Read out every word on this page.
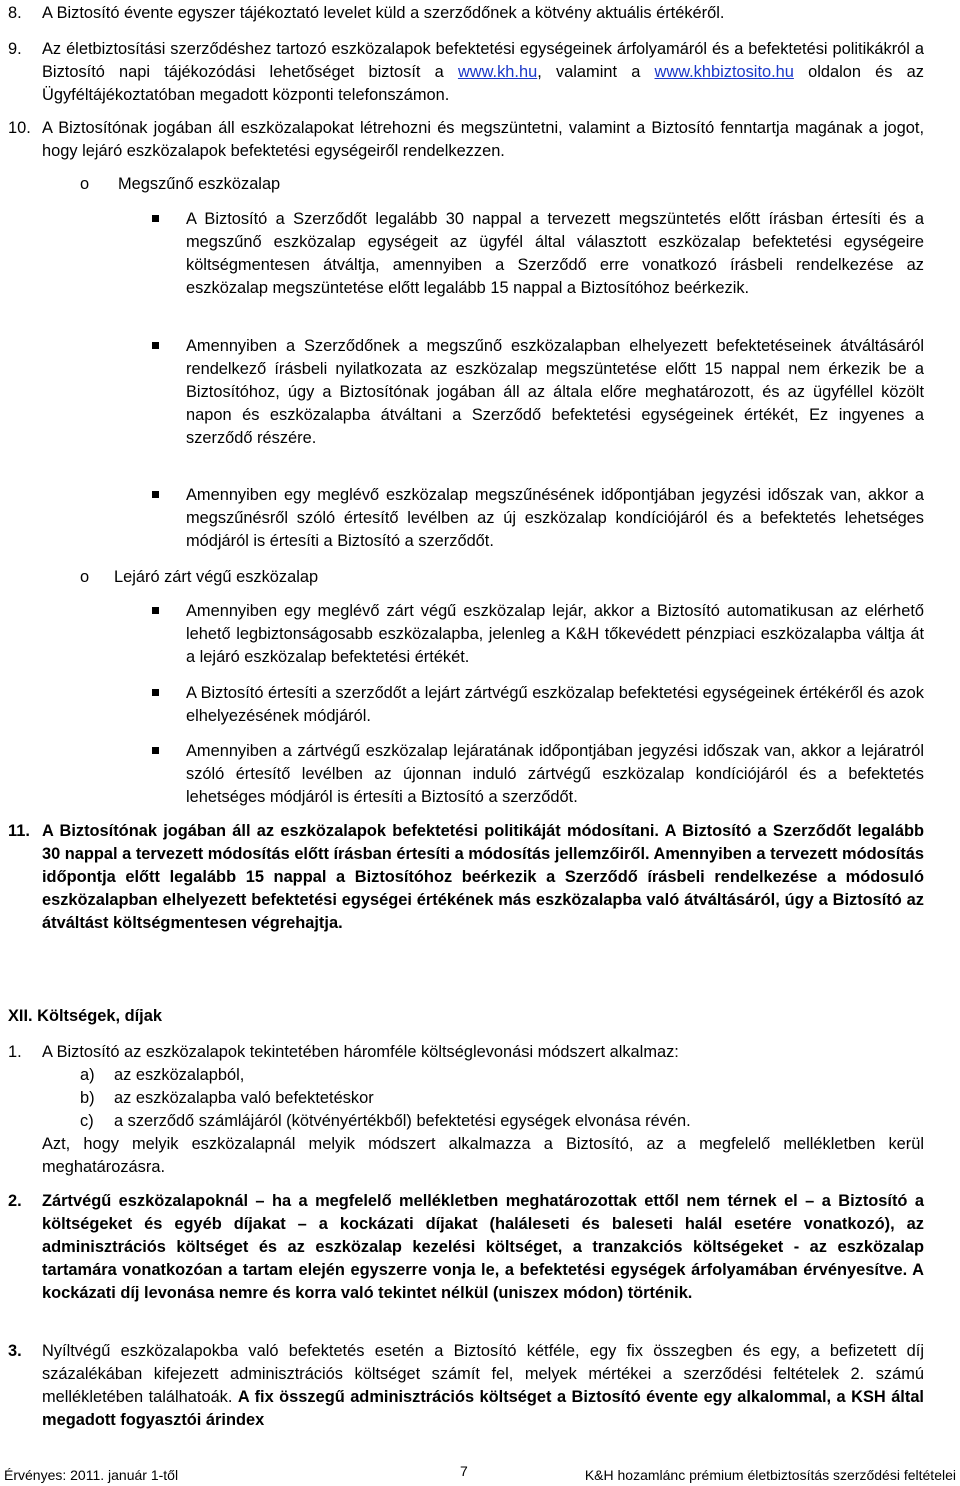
8. A Biztosító évente egyszer tájékoztató levelet küld a szerződőnek a kötvény aktuális értékéről.
9. Az életbiztosítási szerződéshez tartozó eszközalapok befektetési egységeinek árfolyamáról és a befektetési politikákról a Biztosító napi tájékozódási lehetőséget biztosít a www.kh.hu, valamint a www.khbiztosito.hu oldalon és az Ügyféltájékoztatóban megadott központi telefonszámon.
10. A Biztosítónak jogában áll eszközalapokat létrehozni és megszüntetni, valamint a Biztosító fenntartja magának a jogot, hogy lejáró eszközalapok befektetési egységeiről rendelkezzen.
o Megszűnő eszközalap
A Biztosító a Szerződőt legalább 30 nappal a tervezett megszüntetés előtt írásban értesíti és a megszűnő eszközalap egységeit az ügyfél által választott eszközalap befektetési egységeire költségmentesen átváltja, amennyiben a Szerződő erre vonatkozó írásbeli rendelkezése az eszközalap megszüntetése előtt legalább 15 nappal a Biztosítóhoz beérkezik.
Amennyiben a Szerződőnek a megszűnő eszközalapban elhelyezett befektetéseinek átváltásáról rendelkező írásbeli nyilatkozata az eszközalap megszüntetése előtt 15 nappal nem érkezik be a Biztosítóhoz, úgy a Biztosítónak jogában áll az általa előre meghatározott, és az ügyféllel közölt napon és eszközalapba átváltani a Szerződő befektetési egységeinek értékét, Ez ingyenes a szerződő részére.
Amennyiben egy meglévő eszközalap megszűnésének időpontjában jegyzési időszak van, akkor a megszűnésről szóló értesítő levélben az új eszközalap kondíciójáról és a befektetés lehetséges módjáról is értesíti a Biztosító a szerződőt.
o Lejáró zárt végű eszközalap
Amennyiben egy meglévő zárt végű eszközalap lejár, akkor a Biztosító automatikusan az elérhető lehető legbiztonságosabb eszközalapba, jelenleg a K&H tőkevédett pénzpiaci eszközalapba váltja át a lejáró eszközalap befektetési értékét.
A Biztosító értesíti a szerződőt a lejárt zártvégű eszközalap befektetési egységeinek értékéről és azok elhelyezésének módjáról.
Amennyiben a zártvégű eszközalap lejáratának időpontjában jegyzési időszak van, akkor a lejáratról szóló értesítő levélben az újonnan induló zártvégű eszközalap kondíciójáról és a befektetés lehetséges módjáról is értesíti a Biztosító a szerződőt.
11. A Biztosítónak jogában áll az eszközalapok befektetési politikáját módosítani. A Biztosító a Szerződőt legalább 30 nappal a tervezett módosítás előtt írásban értesíti a módosítás jellemzőiről. Amennyiben a tervezett módosítás időpontja előtt legalább 15 nappal a Biztosítóhoz beérkezik a Szerződő írásbeli rendelkezése a módosuló eszközalapban elhelyezett befektetési egységei értékének más eszközalapba való átváltásáról, úgy a Biztosító az átváltást költségmentesen végrehajtja.
XII. Költségek, díjak
1. A Biztosító az eszközalapok tekintetében háromféle költséglevonási módszert alkalmaz:
a) az eszközalapból,
b) az eszközalapba való befektetéskor
c) a szerződő számlájáról (kötvényértékből) befektetési egységek elvonása révén.
Azt, hogy melyik eszközalapnál melyik módszert alkalmazza a Biztosító, az a megfelelő mellékletben kerül meghatározásra.
2. Zártvégű eszközalapoknál – ha a megfelelő mellékletben meghatározottak ettől nem térnek el – a Biztosító a költségeket és egyéb díjakat – a kockázati díjakat (haláleseti és baleseti halál esetére vonatkozó), az adminisztrációs költséget és az eszközalap kezelési költséget, a tranzakciós költségeket - az eszközalap tartamára vonatkozóan a tartam elején egyszerre vonja le, a befektetési egységek árfolyamában érvényesítve. A kockázati díj levonása nemre és korra való tekintet nélkül (uniszex módon) történik.
3. Nyíltvégű eszközalapokba való befektetés esetén a Biztosító kétféle, egy fix összegben és egy, a befizetett díj százalékában kifejezett adminisztrációs költséget számít fel, melyek mértékei a szerződési feltételek 2. számú mellékletében találhatoák. A fix összegű adminisztrációs költséget a Biztosító évente egy alkalommal, a KSH által megadott fogyasztói árindex
Érvényes: 2011. január 1-től	7	K&H hozamlánc prémium életbiztosítás szerződési feltételei
